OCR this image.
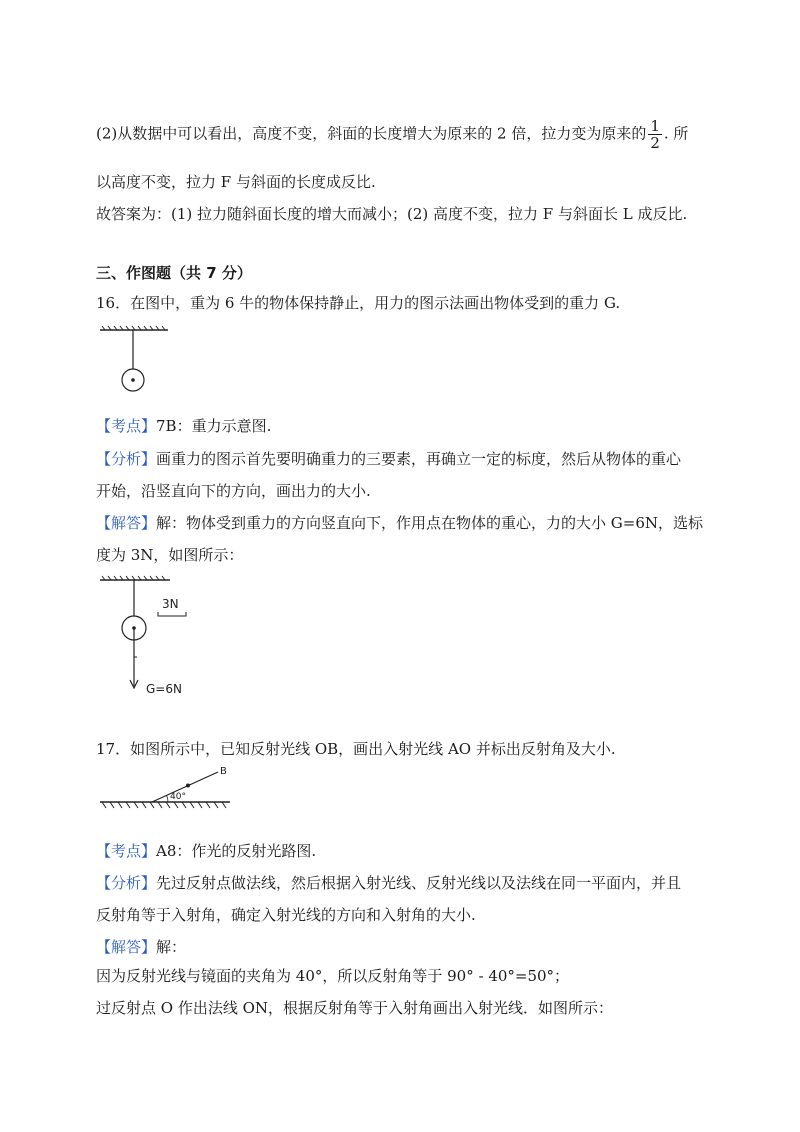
(2)从数据中可以看出，高度不变，斜面的长度增大为原来的 2 倍，拉力变为原来的 $\frac{1}{2}$ . 所
以高度不变，拉力 F 与斜面的长度成反比.
故答案为：(1) 拉力随斜面长度的增大而减小；(2) 高度不变，拉力 F 与斜面长 L 成反比.
三、作图题（共 7 分）
16．在图中，重为 6 牛的物体保持静止，用力的图示法画出物体受到的重力 G.
【考点】7B：重力示意图.
【分析】画重力的图示首先要明确重力的三要素，再确立一定的标度，然后从物体的重心
开始，沿竖直向下的方向，画出力的大小.
【解答】解：物体受到重力的方向竖直向下，作用点在物体的重心，力的大小 G=6N，选标
度为 3N，如图所示：
3N
G=6N
17．如图所示中，已知反射光线 OB，画出入射光线 AO 并标出反射角及大小.
40°
B
【考点】A8：作光的反射光路图.
【分析】先过反射点做法线，然后根据入射光线、反射光线以及法线在同一平面内，并且
反射角等于入射角，确定入射光线的方向和入射角的大小.
【解答】解：
因为反射光线与镜面的夹角为 40°，所以反射角等于 90° - 40°=50°；
过反射点 O 作出法线 ON，根据反射角等于入射角画出入射光线．如图所示：
